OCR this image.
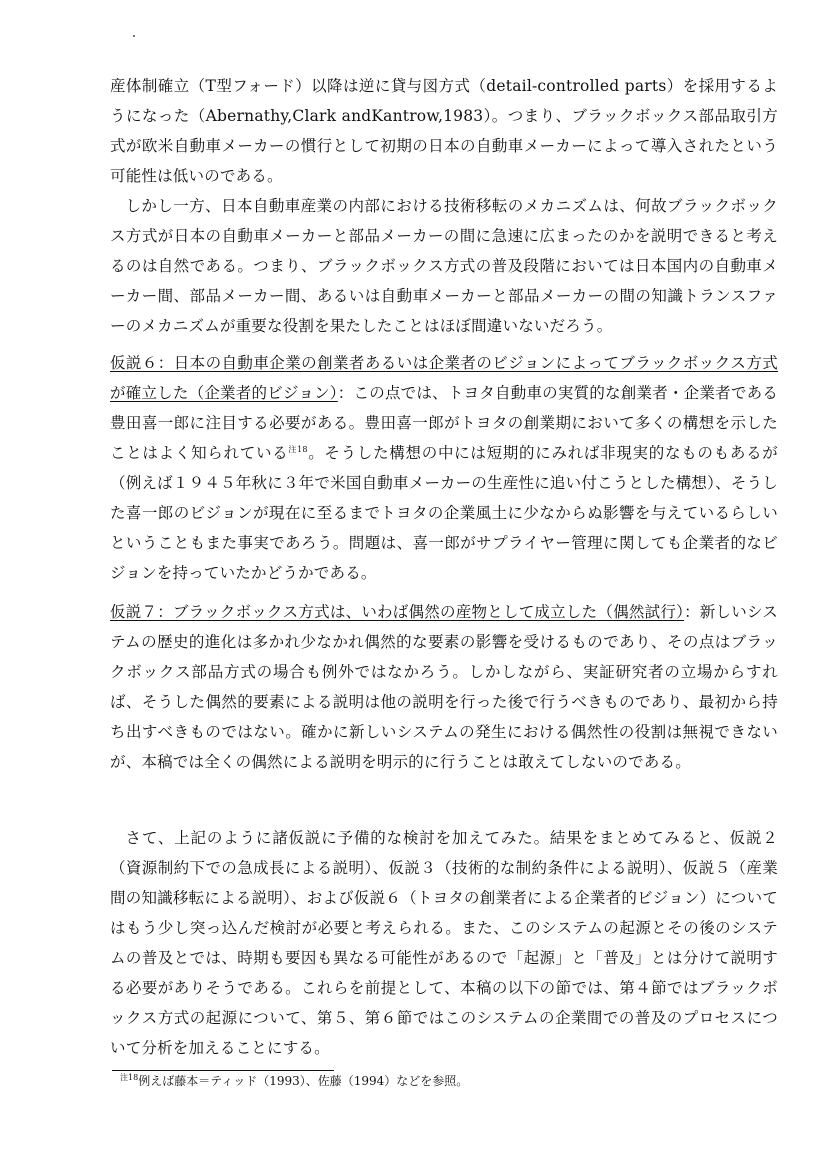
産体制確立（T型フォード）以降は逆に貸与図方式（detail-controlled parts）を採用するようになった（Abernathy,Clark andKantrow,1983）。つまり、ブラックボックス部品取引方式が欧米自動車メーカーの慣行として初期の日本の自動車メーカーによって導入されたという可能性は低いのである。

しかし一方、日本自動車産業の内部における技術移転のメカニズムは、何故ブラックボックス方式が日本の自動車メーカーと部品メーカーの間に急速に広まったのかを説明できると考えるのは自然である。つまり、ブラックボックス方式の普及段階においては日本国内の自動車メーカー間、部品メーカー間、あるいは自動車メーカーと部品メーカーの間の知識トランスファーのメカニズムが重要な役割を果たしたことはほぼ間違いないだろう。

仮説６：日本の自動車企業の創業者あるいは企業者のビジョンによってブラックボックス方式が確立した（企業者的ビジョン）：この点では、トヨタ自動車の実質的な創業者・企業者である豊田喜一郎に注目する必要がある。豊田喜一郎がトヨタの創業期において多くの構想を示したことはよく知られている$^{注18}$。そうした構想の中には短期的にみれば非現実的なものもあるが（例えば１９４５年秋に３年で米国自動車メーカーの生産性に追い付こうとした構想）、そうした喜一郎のビジョンが現在に至るまでトヨタの企業風土に少なからぬ影響を与えているらしいということもまた事実であろう。問題は、喜一郎がサプライヤー管理に関しても企業者的なビジョンを持っていたかどうかである。

仮説７：ブラックボックス方式は、いわば偶然の産物として成立した（偶然試行）：新しいシステムの歴史的進化は多かれ少なかれ偶然的な要素の影響を受けるものであり、その点はブラックボックス部品方式の場合も例外ではなかろう。しかしながら、実証研究者の立場からすれば、そうした偶然的要素による説明は他の説明を行った後で行うべきものであり、最初から持ち出すべきものではない。確かに新しいシステムの発生における偶然性の役割は無視できないが、本稿では全くの偶然による説明を明示的に行うことは敢えてしないのである。

さて、上記のように諸仮説に予備的な検討を加えてみた。結果をまとめてみると、仮説２（資源制約下での急成長による説明）、仮説３（技術的な制約条件による説明）、仮説５（産業間の知識移転による説明）、および仮説６（トヨタの創業者による企業者的ビジョン）についてはもう少し突っ込んだ検討が必要と考えられる。また、このシステムの起源とその後のシステムの普及とでは、時期も要因も異なる可能性があるので「起源」と「普及」とは分けて説明する必要がありそうである。これらを前提として、本稿の以下の節では、第４節ではブラックボックス方式の起源について、第５、第６節ではこのシステムの企業間での普及のプロセスについて分析を加えることにする。

$^{注18}$例えば藤本＝ティッド（1993）、佐藤（1994）などを参照。
